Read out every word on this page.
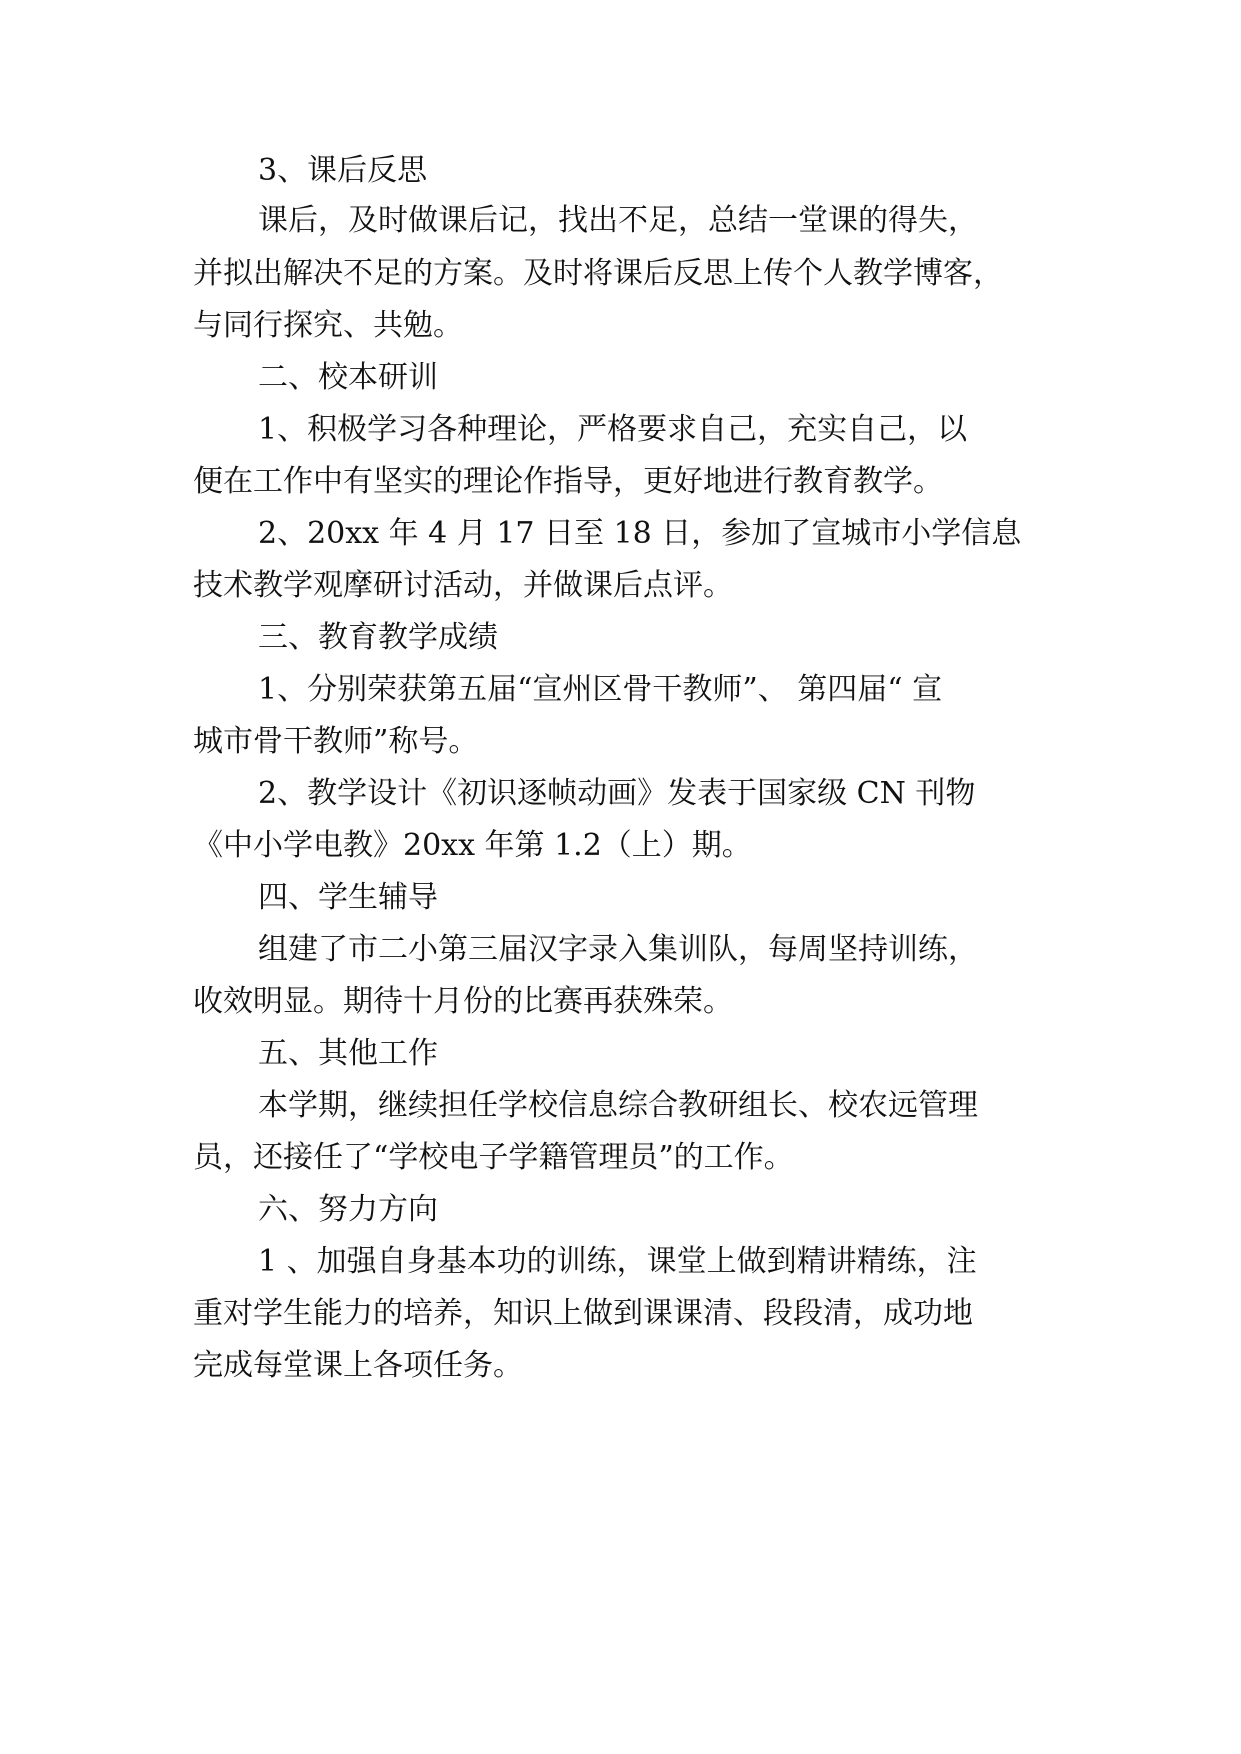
3、课后反思
课后，及时做课后记，找出不足，总结一堂课的得失，
并拟出解决不足的方案。及时将课后反思上传个人教学博客，
与同行探究、共勉。
二、校本研训
1、积极学习各种理论，严格要求自己，充实自己，以
便在工作中有坚实的理论作指导，更好地进行教育教学。
2、20xx 年 4 月 17 日至 18 日，参加了宣城市小学信息
技术教学观摩研讨活动，并做课后点评。
三、教育教学成绩
1、分别荣获第五届“宣州区骨干教师”、 第四届“ 宣
城市骨干教师”称号。
2、教学设计《初识逐帧动画》发表于国家级 CN 刊物
《中小学电教》20xx 年第 1.2（上）期。
四、学生辅导
组建了市二小第三届汉字录入集训队，每周坚持训练，
收效明显。期待十月份的比赛再获殊荣。
五、其他工作
本学期，继续担任学校信息综合教研组长、校农远管理
员，还接任了“学校电子学籍管理员”的工作。
六、努力方向
1 、加强自身基本功的训练，课堂上做到精讲精练，注
重对学生能力的培养，知识上做到课课清、段段清，成功地
完成每堂课上各项任务。
